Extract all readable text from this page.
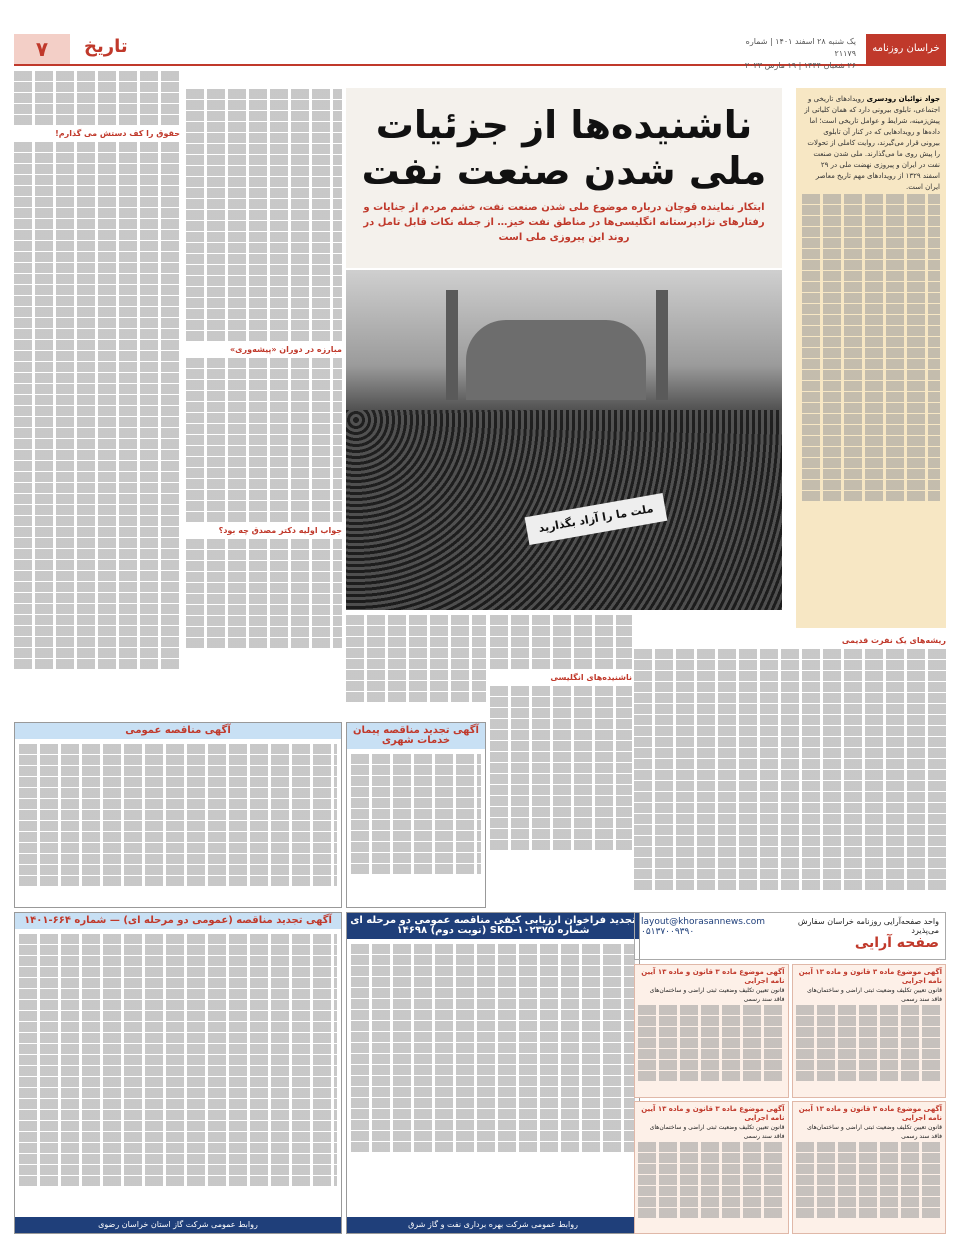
خراسان روزنامه صبح ایران
یک شنبه ۲۸ اسفند ۱۴۰۱ | شماره ۲۱۱۷۹
۲۶ شعبان ۱۴۴۴ | ۱۹ مارس ۲۰۲۳
تاریخ
۷
جواد نوائیان رودسری رویدادهای تاریخی و اجتماعی، تابلوی بیرونی دارد که همان کلیاتی از پیش‌زمینه، شرایط و عوامل تاریخی است؛ اما داده‌ها و رویدادهایی که در کنار آن تابلوی بیرونی قرار می‌گیرند، روایت کاملی از تحولات را پیش روی ما می‌گذارند. ملی شدن صنعت نفت در ایران و پیروزی نهضت ملی در ۲۹ اسفند ۱۳۲۹ از رویدادهای مهم تاریخ معاصر ایران است.
ریشه‌های یک نفرت قدیمی
ناشنیده‌ها از جزئیات ملی شدن صنعت نفت

ابتکار نماینده قوچان درباره موضوع ملی شدن صنعت نفت، خشم مردم از جنایات و رفتارهای نژادپرستانه انگلیسی‌ها در مناطق نفت خیز… از جمله نکات قابل تامل در روند این پیروزی ملی است

ملت ما را آزاد بگذارید
ناشنیده‌های انگلیسی
مبارزه در دوران «پیشه‌وری»
جواب اولیه دکتر مصدق چه بود؟
حقوق را کف دستش می گذارم!
آگهی مناقصه عمومی	آگهی تجدید مناقصه پیمان خدمات شهری
آگهی تجدید مناقصه (عمومی دو مرحله ای) — شماره ۶۶۴-۱۴۰۱
روابط عمومی شرکت گاز استان خراسان رضوی
تجدید فراخوان ارزیابی کیفی مناقصه عمومی دو مرحله ای شماره SKD-۱۰۲۳۷۵ (نوبت دوم) ۱۴۶۹۸
روابط عمومی شرکت بهره برداری نفت و گاز شرق
واحد صفحه‌آرایی روزنامه خراسان سفارش می‌پذیرد
صفحه آرایی
layout@khorasannews.com
۰۵۱۳۷۰۰۹۳۹۰
آگهی موضوع ماده ۳ قانون و ماده ۱۳ آیین نامه اجرایی
قانون تعیین تکلیف وضعیت ثبتی اراضی و ساختمان‌های فاقد سند رسمی
آگهی موضوع ماده ۳ قانون و ماده ۱۳ آیین نامه اجرایی
قانون تعیین تکلیف وضعیت ثبتی اراضی و ساختمان‌های فاقد سند رسمی
آگهی موضوع ماده ۳ قانون و ماده ۱۳ آیین نامه اجرایی
قانون تعیین تکلیف وضعیت ثبتی اراضی و ساختمان‌های فاقد سند رسمی
آگهی موضوع ماده ۳ قانون و ماده ۱۳ آیین نامه اجرایی
قانون تعیین تکلیف وضعیت ثبتی اراضی و ساختمان‌های فاقد سند رسمی
